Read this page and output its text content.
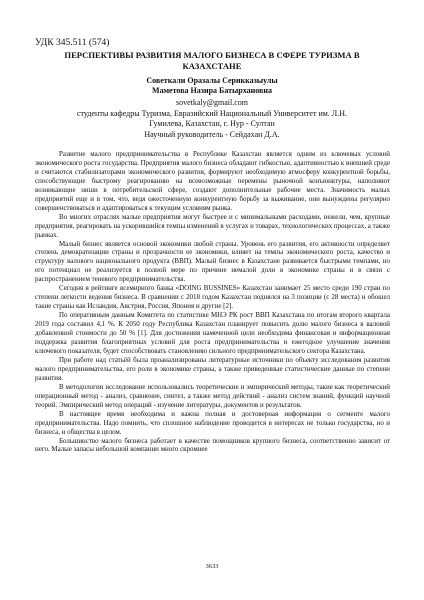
УДК 345.511 (574)
ПЕРСПЕКТИВЫ РАЗВИТИЯ МАЛОГО БИЗНЕСА В СФЕРЕ ТУРИЗМА В
КАЗАХСТАНЕ
Советкали Оразалы Серикказыулы
Маметова Назира Батырхановна
sovetkaly@gmail.com
студенты кафедры Туризма, Евразийский Национальный Университет им. Л.Н.
Гумилева, Казахстан, г. Нур - Султан
Научный руководитель - Сейдахан Д.А.

Развитие малого предпринимательства в Республике Казахстан является одним из ключевых условий экономического роста государства. Предприятия малого бизнеса обладают гибкостью, адаптивностью к внешней среде и считаются стабилизаторами экономического развития, формируют необходимую атмосферу конкурентной борьбы, способствующие быстрому реагированию на всевозможные перемены рыночной конъюнктуры, наполняют возникающие ниши в потребительской сфере, создают дополнительные рабочие места. Значимость малых предприятий еще и в том, что, ведя ожесточенную конкурентную борьбу за выживание, они вынуждены регулярно совершенствоваться и адаптироваться к текущим условиям рынка.

Во многих отраслях малые предприятия могут быстрее и с минимальными расходами, нежели, чем, крупные предприятия, реагировать на ускорившийся темпы изменений в услугах и товарах, технологических процессах, а также рынках.

Малый бизнес является основой экономики любой страны. Уровень его развития, его активности определяет степень демократизации страны и прозрачности ее экономики, влияет на темпы экономического роста, качество и структуру валового национального продукта (ВВП). Малый бизнес в Казахстане развивается быстрыми темпами, но его потенциал не реализуется в полной мере по причине немалой доли в экономике страны и в связи с распространением теневого предпринимательства.

Сегодня в рейтинге всемирного банка «DOING BUSSINES» Казахстан занимает 25 место среди 190 стран по степени легкости ведения бизнеса. В сравнении с 2018 годом Казахстан поднялся на 3 позиции (с 28 места) и обошел такие страны как Исландия, Австрия, Россия, Япония и другие [2].

По оперативным данным Комитета по статистике МНЭ РК рост ВВП Казахстана по итогам второго квартала 2019 года составил 4,1 %. К 2050 году Республика Казахстан планирует повысить долю малого бизнеса в валовой добавленной стоимости до 50 % [1]. Для достижения намеченной цели необходима финансовая и информационная поддержка развития благоприятных условий для роста предпринимательства и ежегодное улучшение значения ключевого показателя, будет способствовать становлению сильного предпринимательского сектора Казахстана.

При работе над статьёй была проанализированы литературные источники по объекту исследования развития малого предпринимательства, его роли в экономике страны, а также приведенные статистические данные по степени развития.

В методологии исследование использовались теоретические и эмпирический методы, такие как теоретический операционный метод - анализ, сравнение, синтез, а также метод действий - анализ систем знаний, функций научной теорий. Эмпирический метод операций - изучение литературы, документов и результатов.

В настоящее время необходима и важна полная и достоверная информация о сегменте малого предпринимательства. Надо помнить, что сплошное наблюдение проводится в интересах не только государства, но и бизнеса, и общества в целом.

Большинство малого бизнеса работает в качестве помощников крупного бизнеса, соответственно зависит от него. Малые запасы небольшой компании много скромнее

3633
